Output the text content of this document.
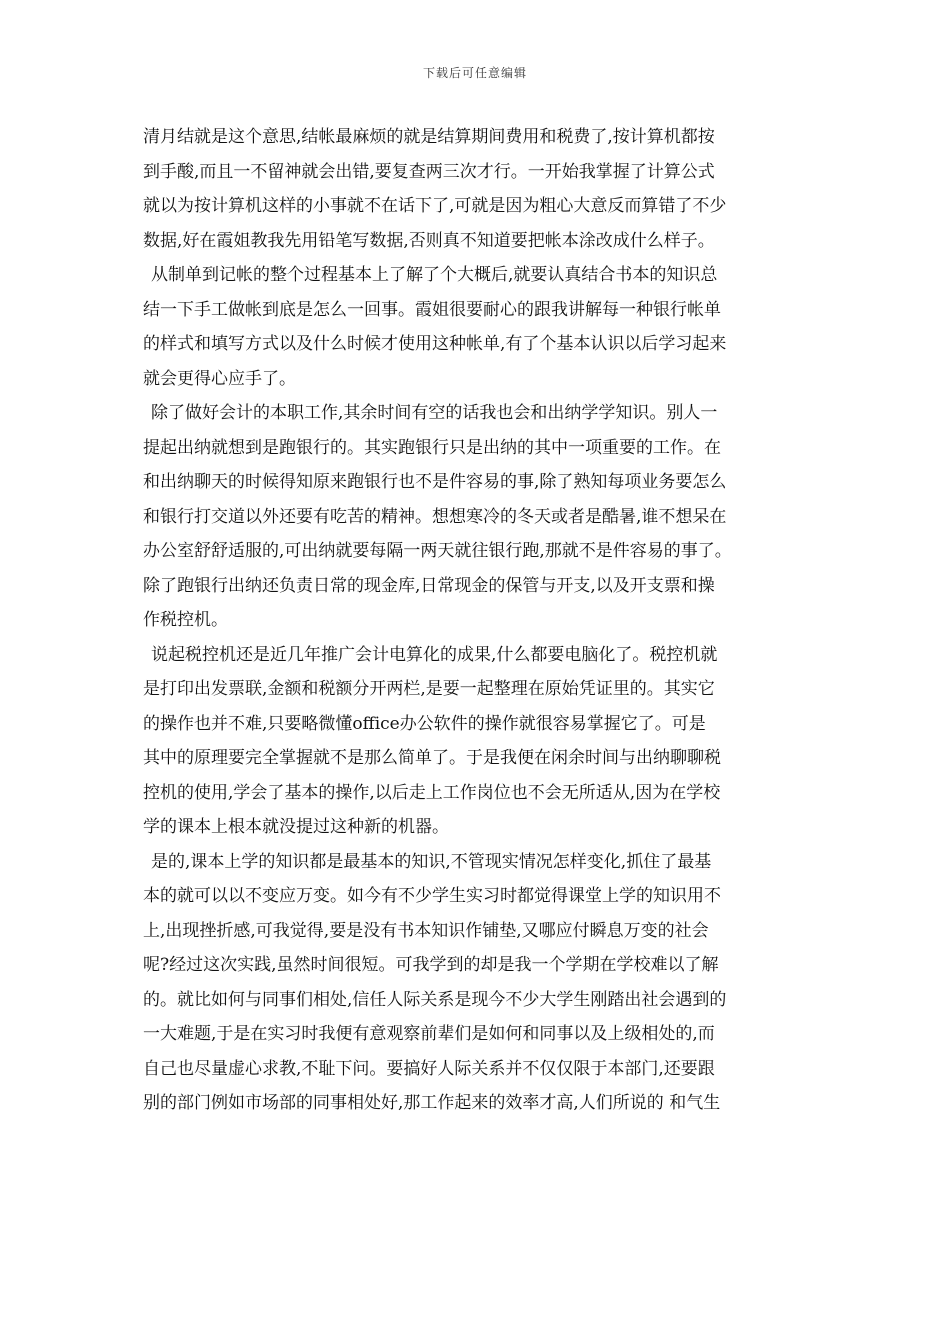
下载后可任意编辑
清月结就是这个意思,结帐最麻烦的就是结算期间费用和税费了,按计算机都按
到手酸,而且一不留神就会出错,要复查两三次才行。一开始我掌握了计算公式
就以为按计算机这样的小事就不在话下了,可就是因为粗心大意反而算错了不少
数据,好在霞姐教我先用铅笔写数据,否则真不知道要把帐本涂改成什么样子。
从制单到记帐的整个过程基本上了解了个大概后,就要认真结合书本的知识总
结一下手工做帐到底是怎么一回事。霞姐很要耐心的跟我讲解每一种银行帐单
的样式和填写方式以及什么时候才使用这种帐单,有了个基本认识以后学习起来
就会更得心应手了。
除了做好会计的本职工作,其余时间有空的话我也会和出纳学学知识。别人一
提起出纳就想到是跑银行的。其实跑银行只是出纳的其中一项重要的工作。在
和出纳聊天的时候得知原来跑银行也不是件容易的事,除了熟知每项业务要怎么
和银行打交道以外还要有吃苦的精神。想想寒冷的冬天或者是酷暑,谁不想呆在
办公室舒舒适服的,可出纳就要每隔一两天就往银行跑,那就不是件容易的事了。
除了跑银行出纳还负责日常的现金库,日常现金的保管与开支,以及开支票和操
作税控机。
说起税控机还是近几年推广会计电算化的成果,什么都要电脑化了。税控机就
是打印出发票联,金额和税额分开两栏,是要一起整理在原始凭证里的。其实它
的操作也并不难,只要略微懂office办公软件的操作就很容易掌握它了。可是
其中的原理要完全掌握就不是那么简单了。于是我便在闲余时间与出纳聊聊税
控机的使用,学会了基本的操作,以后走上工作岗位也不会无所适从,因为在学校
学的课本上根本就没提过这种新的机器。
是的,课本上学的知识都是最基本的知识,不管现实情况怎样变化,抓住了最基
本的就可以以不变应万变。如今有不少学生实习时都觉得课堂上学的知识用不
上,出现挫折感,可我觉得,要是没有书本知识作铺垫,又哪应付瞬息万变的社会
呢?经过这次实践,虽然时间很短。可我学到的却是我一个学期在学校难以了解
的。就比如何与同事们相处,信任人际关系是现今不少大学生刚踏出社会遇到的
一大难题,于是在实习时我便有意观察前辈们是如何和同事以及上级相处的,而
自己也尽量虚心求教,不耻下问。要搞好人际关系并不仅仅限于本部门,还要跟
别的部门例如市场部的同事相处好,那工作起来的效率才高,人们所说的 和气生
